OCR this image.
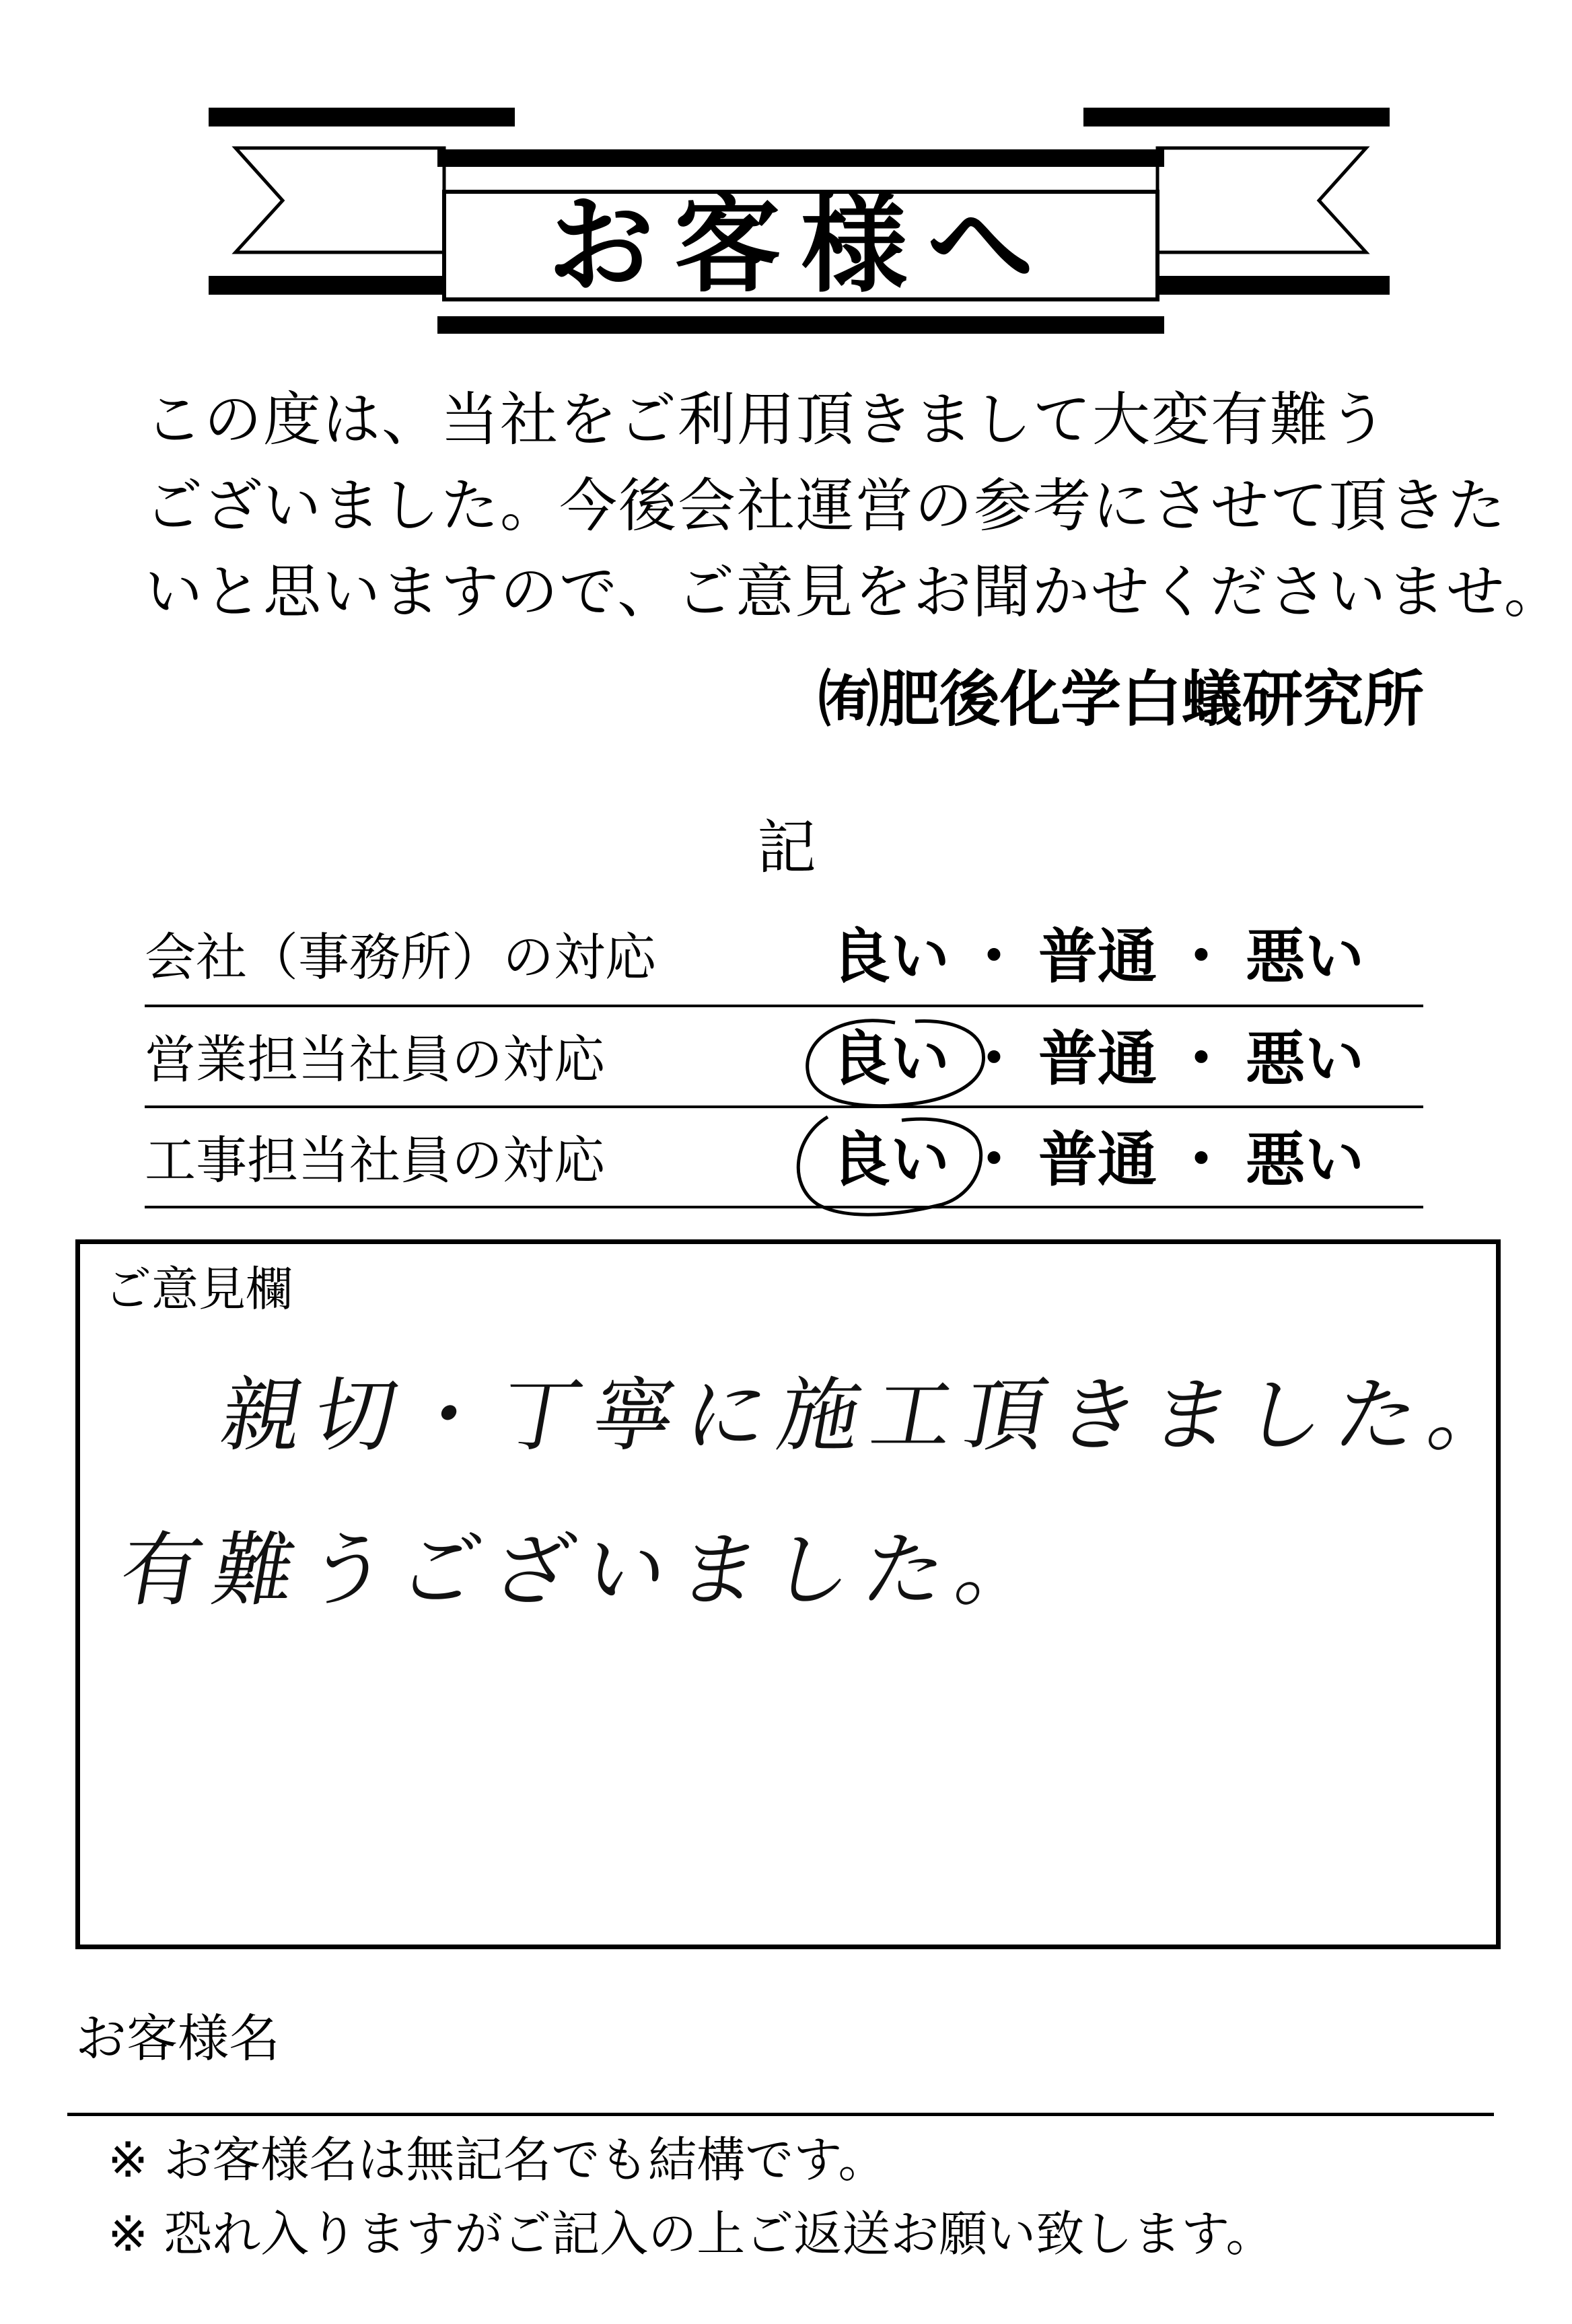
お客様へ
この度は、当社をご利用頂きまして大変有難う
ございました。今後会社運営の参考にさせて頂きた
いと思いますので、ご意見をお聞かせくださいませ。
㈲肥後化学白蟻研究所
記
会社（事務所）の対応	良い ・ 普通 ・ 悪い
営業担当社員の対応	良い ・ 普通 ・ 悪い
工事担当社員の対応	良い ・ 普通 ・ 悪い
ご意見欄
親切・丁寧に施工頂きました。
有難うございました。
お客様名
※ お客様名は無記名でも結構です。
※ 恐れ入りますがご記入の上ご返送お願い致します。
